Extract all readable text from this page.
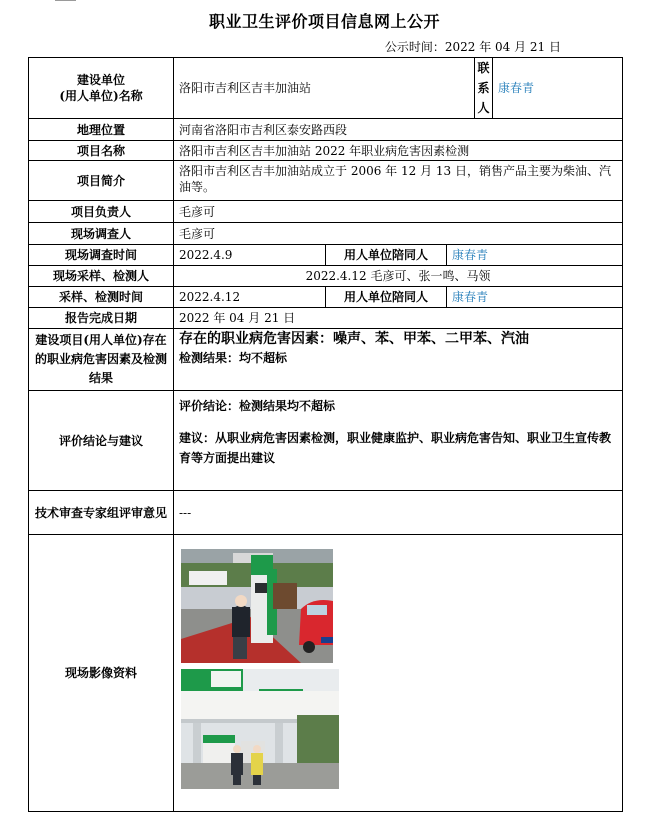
职业卫生评价项目信息网上公开
公示时间：2022 年 04 月 21 日
建设单位
(用人单位)名称	洛阳市吉利区吉丰加油站			联系人	康春青
地理位置	河南省洛阳市吉利区泰安路西段				
项目名称	洛阳市吉利区吉丰加油站 2022 年职业病危害因素检测				
项目简介	洛阳市吉利区吉丰加油站成立于 2006 年 12 月 13 日，销售产品主要为柴油、汽油等。				
项目负责人	毛彦可				
现场调查人	毛彦可				
现场调查时间	2022.4.9	用人单位陪同人	康春青		
现场采样、检测人	2022.4.12 毛彦可、张一鸣、马领				
采样、检测时间	2022.4.12	用人单位陪同人	康春青		
报告完成日期	2022 年 04 月 21 日				
建设项目(用人单位)存在的职业病危害因素及检测结果	存在的职业病危害因素：噪声、苯、甲苯、二甲苯、汽油
检测结果：均不超标				

评价结论与建议	评价结论：检测结果均不超标
建议：从职业病危害因素检测，职业健康监护、职业病危害告知、职业卫生宣传教育等方面提出建议				

技术审查专家组评审意见	---				
现场影像资料	
